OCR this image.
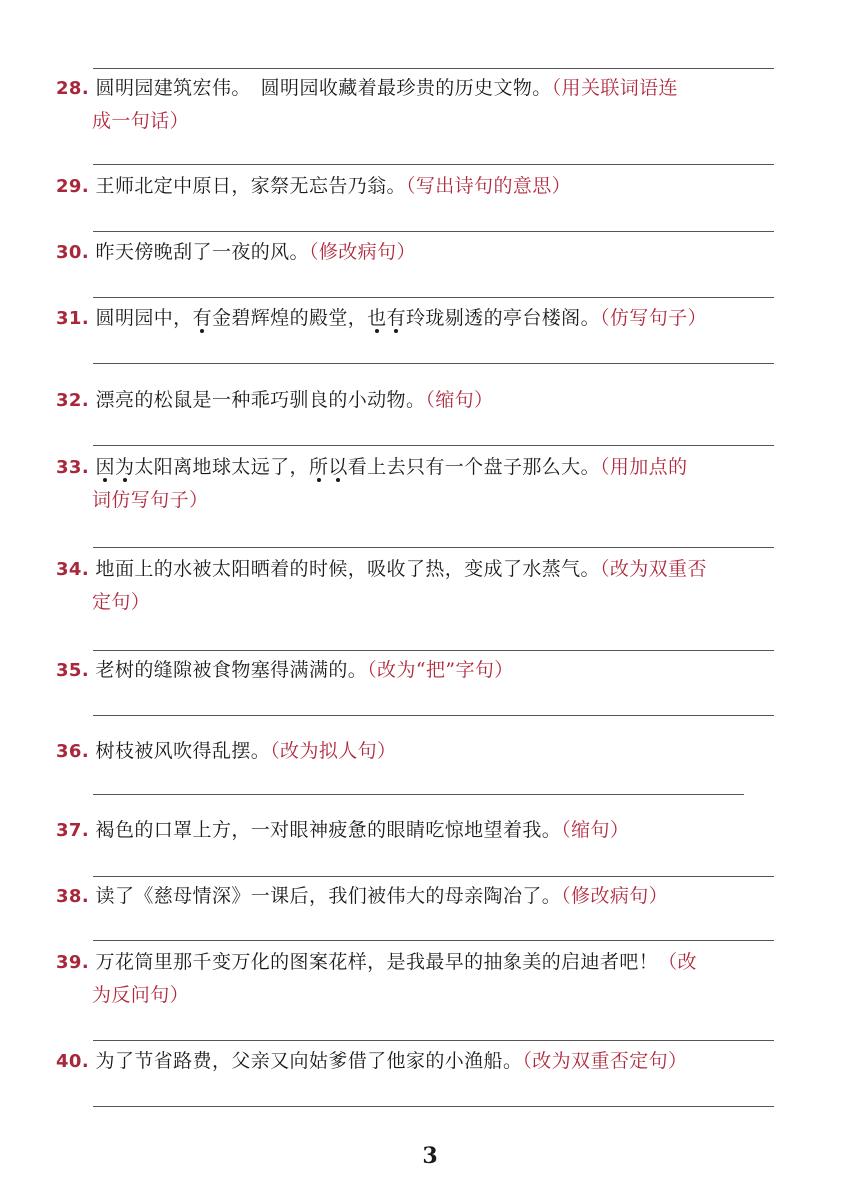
28. 圆明园建筑宏伟。　圆明园收藏着最珍贵的历史文物。（用关联词语连
成一句话）
29. 王师北定中原日，家祭无忘告乃翁。（写出诗句的意思）
30. 昨天傍晚刮了一夜的风。（修改病句）
31. 圆明园中，有金碧辉煌的殿堂，也有玲珑剔透的亭台楼阁。（仿写句子）
32. 漂亮的松鼠是一种乖巧驯良的小动物。（缩句）
33. 因为太阳离地球太远了，所以看上去只有一个盘子那么大。（用加点的
词仿写句子）
34. 地面上的水被太阳晒着的时候，吸收了热，变成了水蒸气。（改为双重否
定句）
35. 老树的缝隙被食物塞得满满的。（改为“把”字句）
36. 树枝被风吹得乱摆。（改为拟人句）
37. 褐色的口罩上方，一对眼神疲惫的眼睛吃惊地望着我。（缩句）
38. 读了《慈母情深》一课后，我们被伟大的母亲陶冶了。（修改病句）
39. 万花筒里那千变万化的图案花样，是我最早的抽象美的启迪者吧！（改
为反问句）
40. 为了节省路费，父亲又向姑爹借了他家的小渔船。（改为双重否定句）
3
